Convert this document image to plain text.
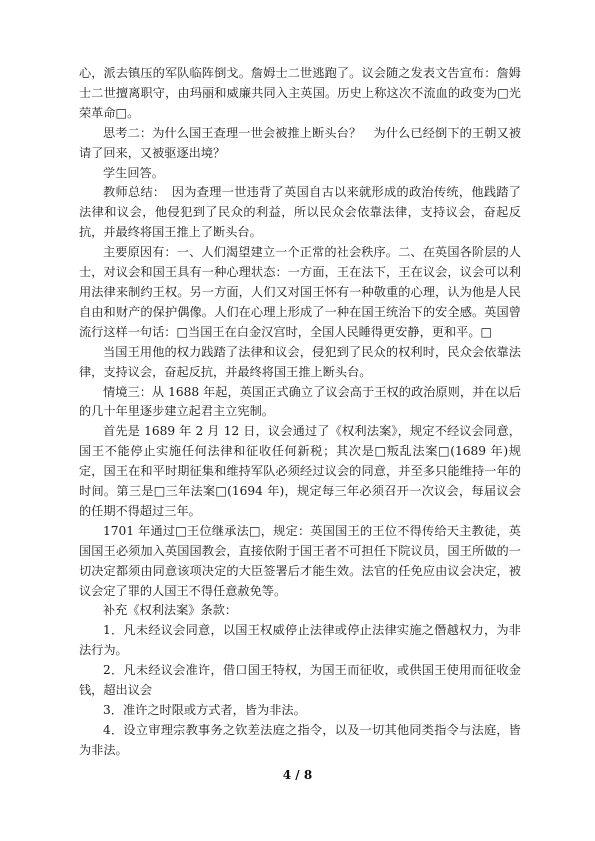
心，派去镇压的军队临阵倒戈。詹姆士二世逃跑了。议会随之发表文告宣布：詹姆士二世擅离职守，由玛丽和威廉共同入主英国。历史上称这次不流血的政变为□光荣革命□。

思考二：为什么国王查理一世会被推上断头台？　为什么已经倒下的王朝又被请了回来，又被驱逐出境？

学生回答。

教师总结：　因为查理一世违背了英国自古以来就形成的政治传统，他践踏了法律和议会，他侵犯到了民众的利益，所以民众会依靠法律，支持议会，奋起反抗，并最终将国王推上了断头台。

主要原因有：一、人们渴望建立一个正常的社会秩序。二、在英国各阶层的人士，对议会和国王具有一种心理状态：一方面，王在法下，王在议会，议会可以利用法律来制约王权。另一方面，人们又对国王怀有一种敬重的心理，认为他是人民自由和财产的保护偶像。人们在心理上形成了一种在国王统治下的安全感。英国曾流行这样一句话：□当国王在白金汉宫时，全国人民睡得更安静，更和平。□

当国王用他的权力践踏了法律和议会，侵犯到了民众的权利时，民众会依靠法律，支持议会，奋起反抗，并最终将国王推上断头台。

情境三：从 1688 年起，英国正式确立了议会高于王权的政治原则，并在以后的几十年里逐步建立起君主立宪制。

首先是 1689 年 2 月 12 日，议会通过了《权利法案》，规定不经议会同意，国王不能停止实施任何法律和征收任何新税；其次是□叛乱法案□(1689 年)规定，国王在和平时期征集和维持军队必须经过议会的同意，并至多只能维持一年的时间。第三是□三年法案□(1694 年)，规定每三年必须召开一次议会，每届议会的任期不得超过三年。

1701 年通过□王位继承法□，规定：英国国王的王位不得传给天主教徒，英国国王必须加入英国国教会，直接依附于国王者不可担任下院议员，国王所做的一切决定都须由同意该项决定的大臣签署后才能生效。法官的任免应由议会决定，被议会定了罪的人国王不得任意赦免等。

补充《权利法案》条款：

1．凡未经议会同意，以国王权威停止法律或停止法律实施之僭越权力，为非法行为。

2．凡未经议会准许，借口国王特权，为国王而征收，或供国王使用而征收金钱，超出议会

3．准许之时限或方式者，皆为非法。

4．设立审理宗教事务之钦差法庭之指令，以及一切其他同类指令与法庭，皆为非法。

4 / 8
